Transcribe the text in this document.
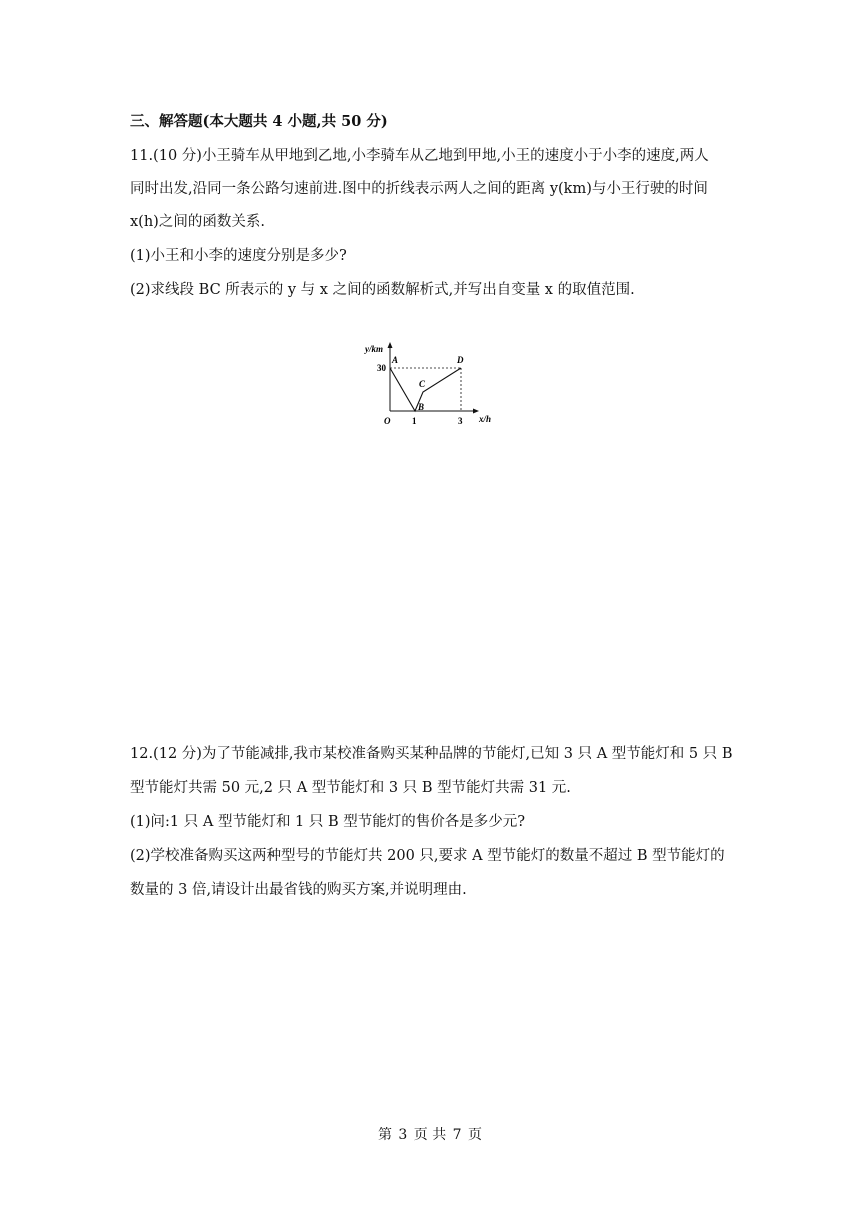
三、解答题(本大题共 4 小题,共 50 分)
11.(10 分)小王骑车从甲地到乙地,小李骑车从乙地到甲地,小王的速度小于小李的速度,两人
同时出发,沿同一条公路匀速前进.图中的折线表示两人之间的距离 y(km)与小王行驶的时间
x(h)之间的函数关系.
(1)小王和小李的速度分别是多少?
(2)求线段 BC 所表示的 y 与 x 之间的函数解析式,并写出自变量 x 的取值范围.
y/km
x/h
O
30
1	3
A
B
C
D
12.(12 分)为了节能减排,我市某校准备购买某种品牌的节能灯,已知 3 只 A 型节能灯和 5 只 B
型节能灯共需 50 元,2 只 A 型节能灯和 3 只 B 型节能灯共需 31 元.
(1)问:1 只 A 型节能灯和 1 只 B 型节能灯的售价各是多少元?
(2)学校准备购买这两种型号的节能灯共 200 只,要求 A 型节能灯的数量不超过 B 型节能灯的
数量的 3 倍,请设计出最省钱的购买方案,并说明理由.
第 3 页 共 7 页
